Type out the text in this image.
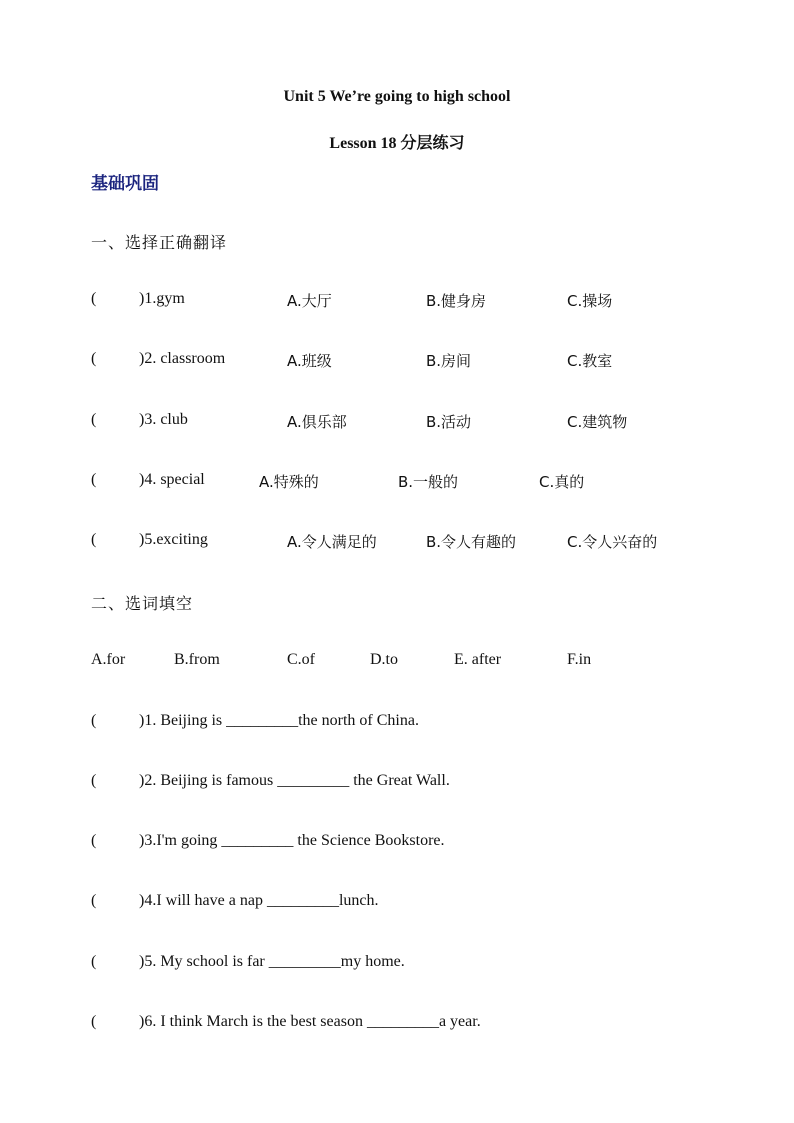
Unit 5 We’re going to high school
Lesson 18 分层练习
基础巩固
一、选择正确翻译
(	)1.gym	A.大厅	B.健身房	C.操场
(	)2. classroom	A.班级	B.房间	C.教室
(	)3. club	A.俱乐部	B.活动	C.建筑物
(	)4. special	A.特殊的	B.一般的	C.真的
(	)5.exciting	A.令人满足的	B.令人有趣的	C.令人兴奋的
二、选词填空
A.for	B.from	C.of	D.to	E. after	F.in
(	)1. Beijing is _________the north of China.
(	)2. Beijing is famous _________ the Great Wall.
(	)3.I'm going _________ the Science Bookstore.
(	)4.I will have a nap _________lunch.
(	)5. My school is far _________my home.
(	)6. I think March is the best season _________a year.
